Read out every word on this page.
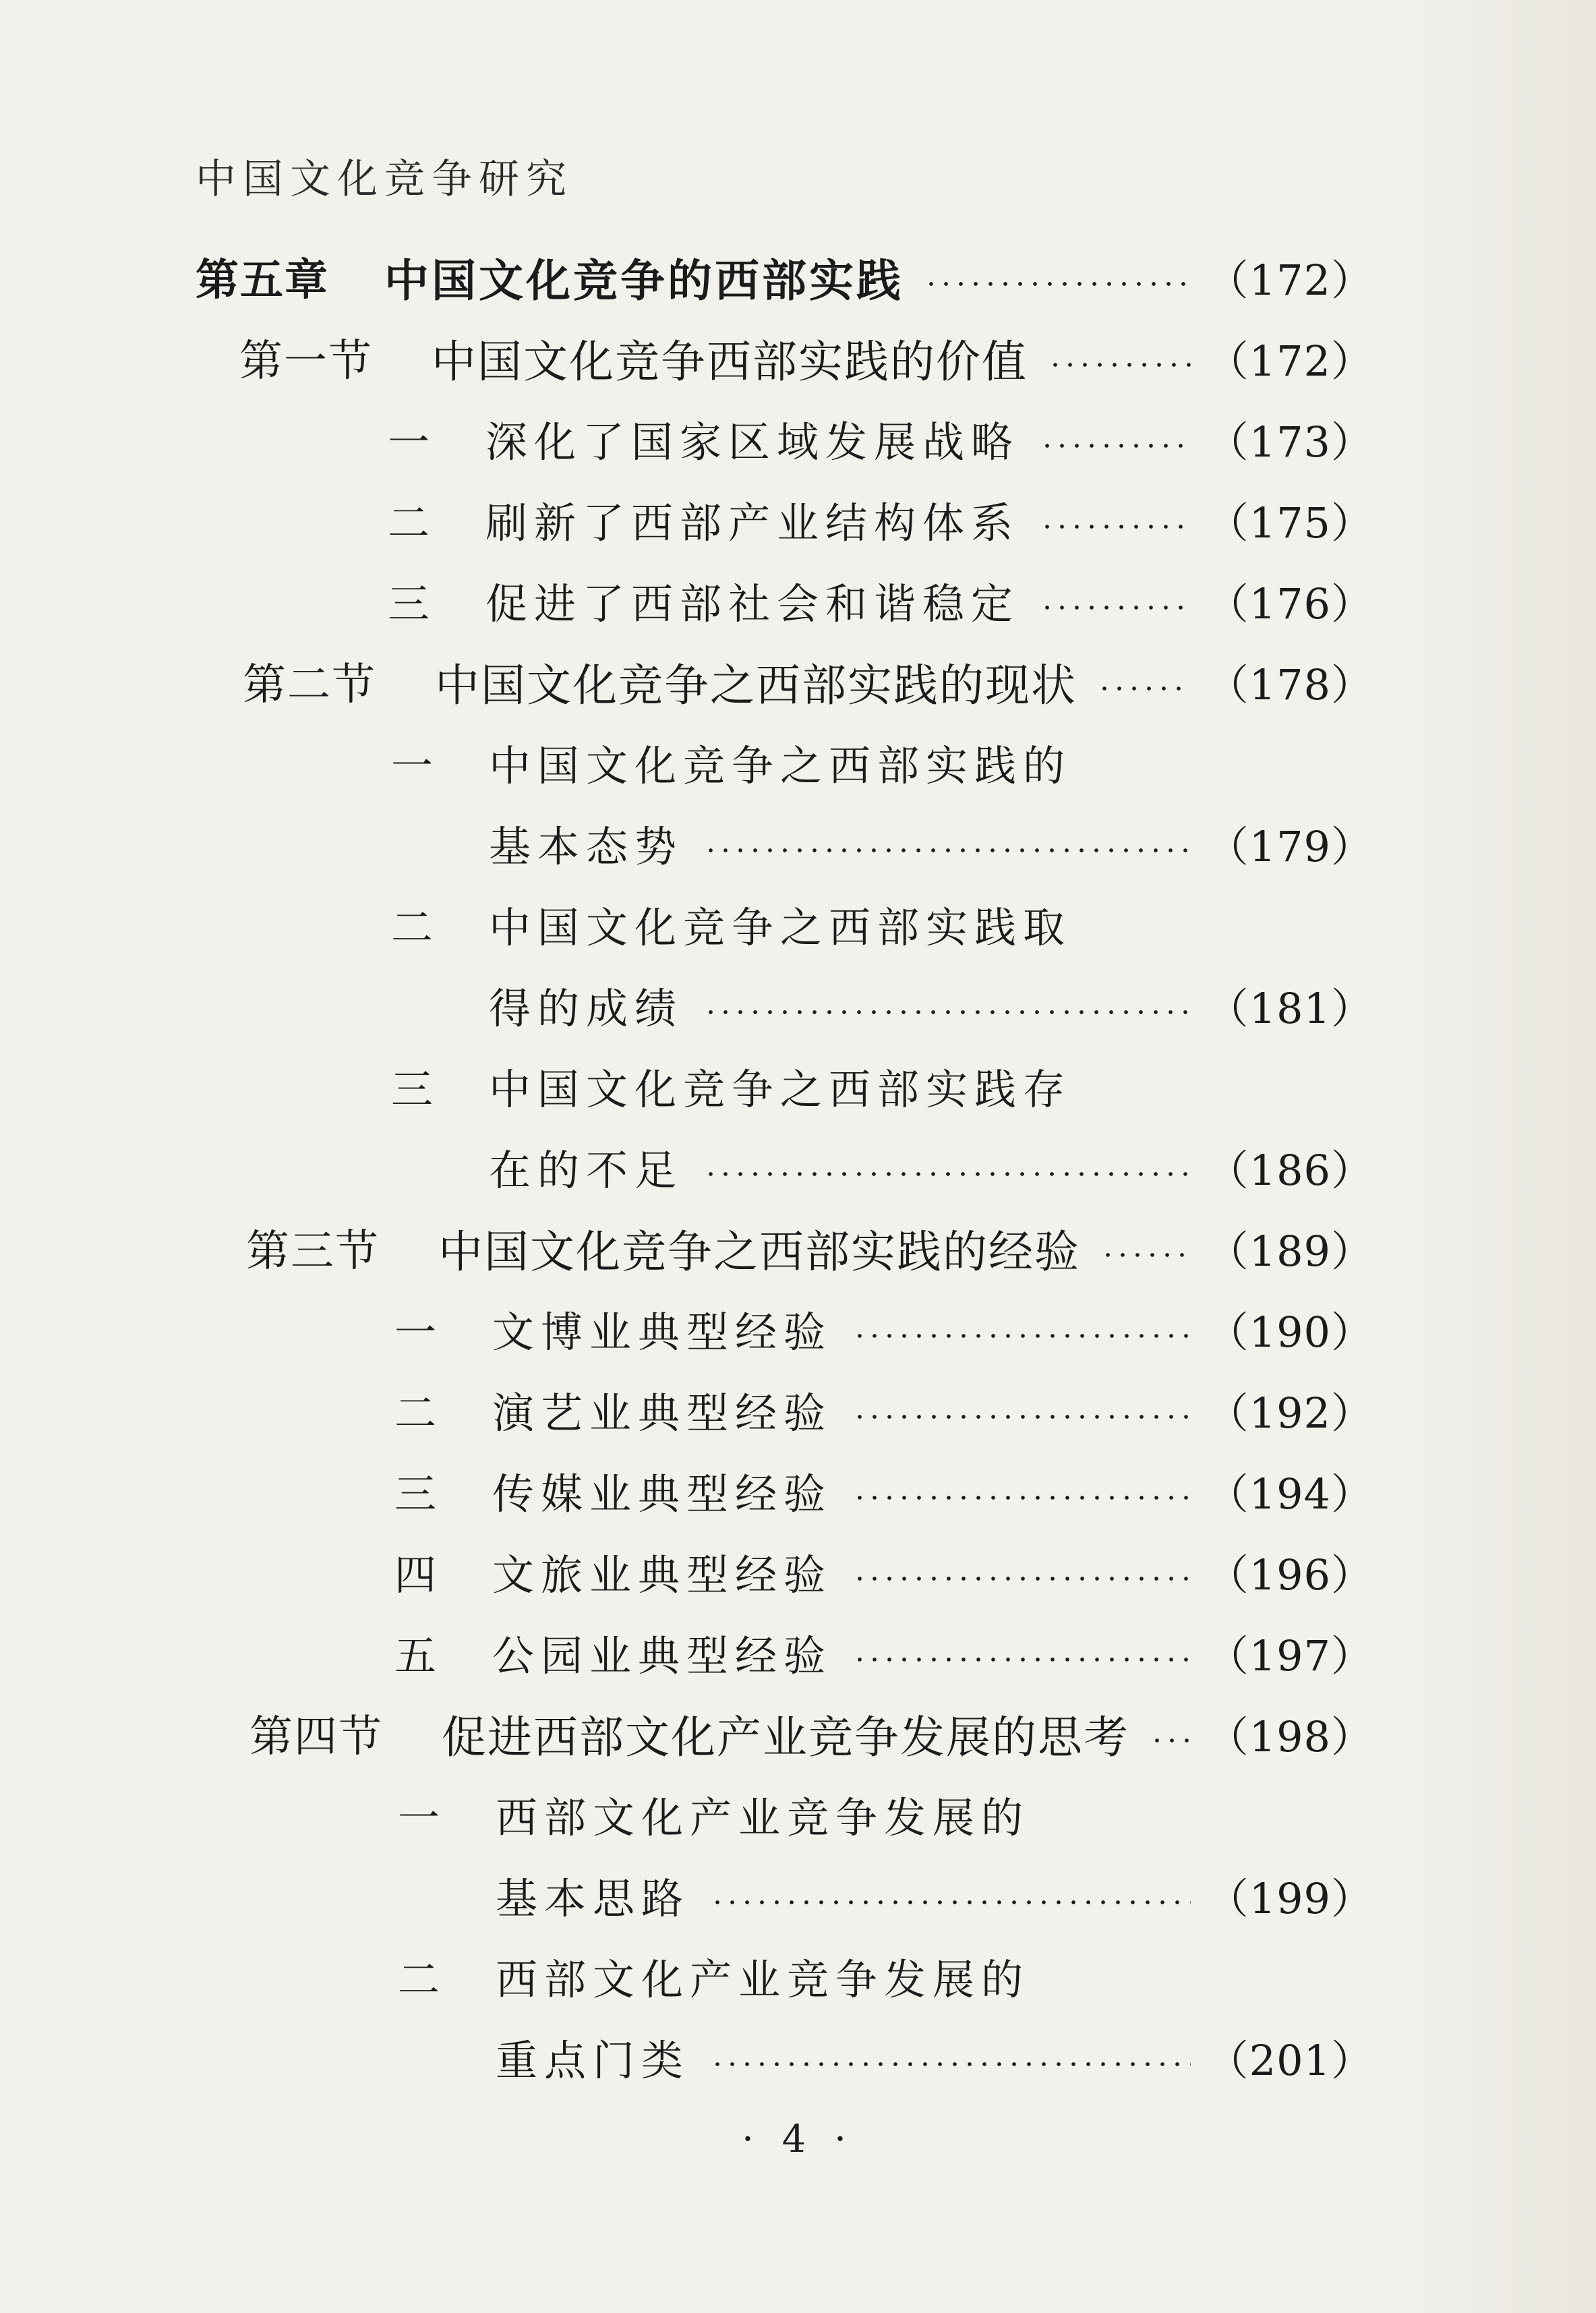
中国文化竞争研究
第五章	中国文化竞争的西部实践	（172）
第一节	中国文化竞争西部实践的价值	（172）
一	深化了国家区域发展战略	（173）
二	刷新了西部产业结构体系	（175）
三	促进了西部社会和谐稳定	（176）
第二节	中国文化竞争之西部实践的现状	（178）
一	中国文化竞争之西部实践的
基本态势	（179）
二	中国文化竞争之西部实践取
得的成绩	（181）
三	中国文化竞争之西部实践存
在的不足	（186）
第三节	中国文化竞争之西部实践的经验	（189）
一	文博业典型经验	（190）
二	演艺业典型经验	（192）
三	传媒业典型经验	（194）
四	文旅业典型经验	（196）
五	公园业典型经验	（197）
第四节	促进西部文化产业竞争发展的思考 （198）
一	西部文化产业竞争发展的
基本思路	（199）
二	西部文化产业竞争发展的
重点门类	（201）
· 4 ·
